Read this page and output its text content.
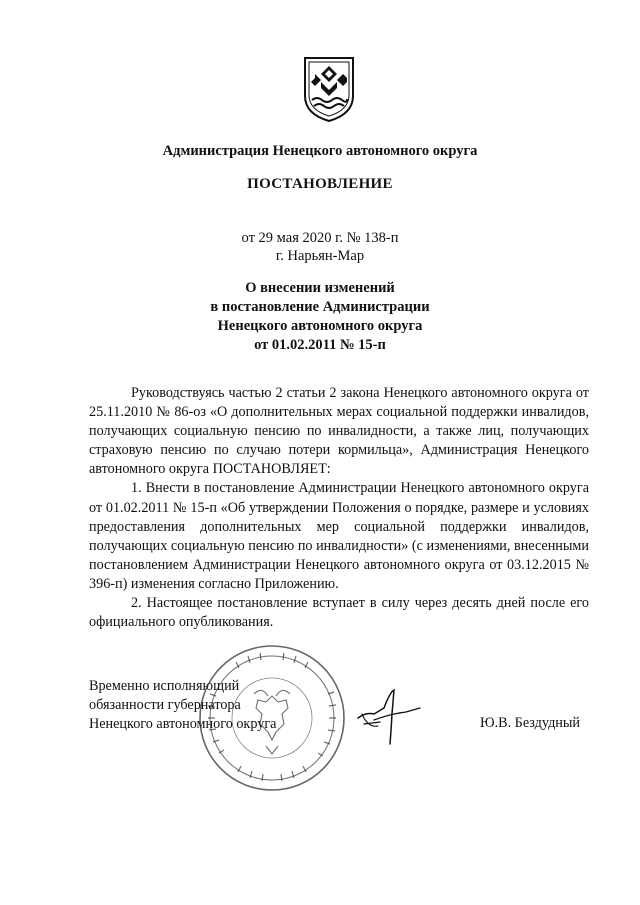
Администрация Ненецкого автономного округа
ПОСТАНОВЛЕНИЕ
от 29 мая 2020 г. № 138-п
г. Нарьян-Мар
О внесении изменений
в постановление Администрации
Ненецкого автономного округа
от 01.02.2011 № 15-п

Руководствуясь частью 2 статьи 2 закона Ненецкого автономного округа от 25.11.2010 № 86-оз «О дополнительных мерах социальной поддержки инвалидов, получающих социальную пенсию по инвалидности, а также лиц, получающих страховую пенсию по случаю потери кормильца», Администрация Ненецкого автономного округа ПОСТАНОВЛЯЕТ:

1. Внести в постановление Администрации Ненецкого автономного округа от 01.02.2011 № 15-п «Об утверждении Положения о порядке, размере и условиях предоставления дополнительных мер социальной поддержки инвалидов, получающих социальную пенсию по инвалидности» (с изменениями, внесенными постановлением Администрации Ненецкого автономного округа от 03.12.2015 № 396-п) изменения согласно Приложению.

2. Настоящее постановление вступает в силу через десять дней после его официального опубликования.

Временно исполняющий
обязанности губернатора
Ненецкого автономного округа	Ю.В. Бездудный
